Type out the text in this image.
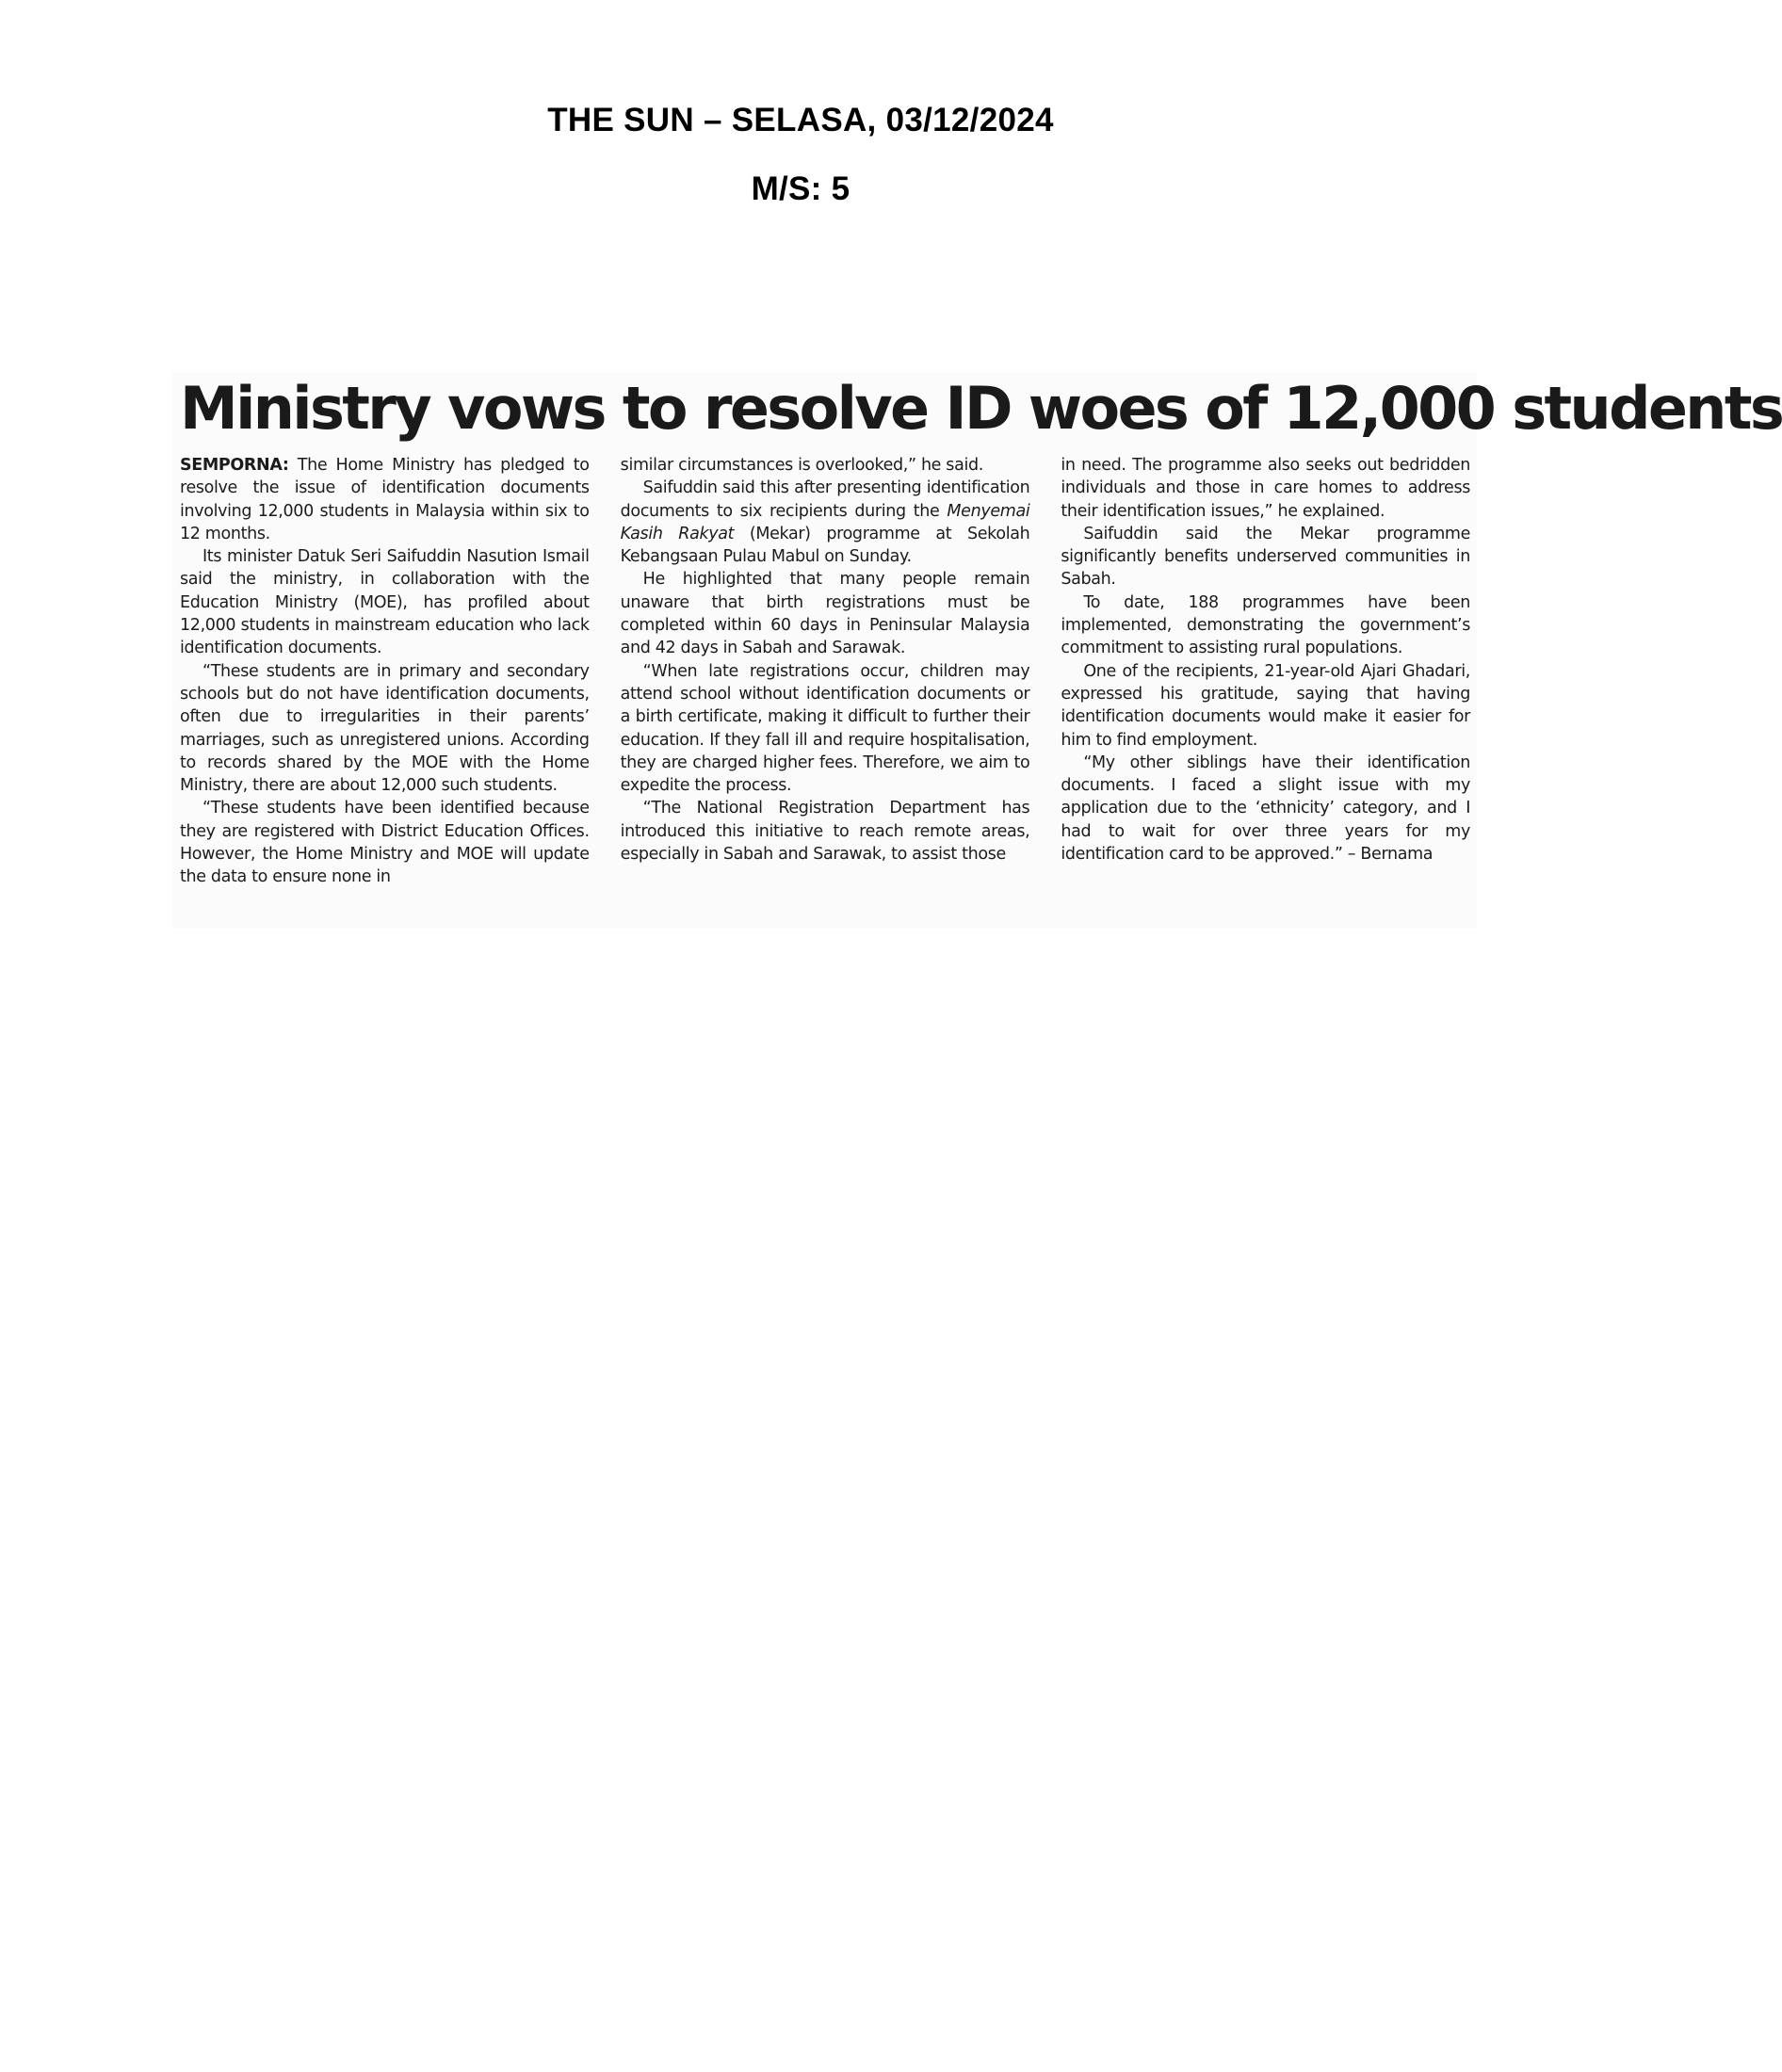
THE SUN – SELASA, 03/12/2024
M/S: 5
Ministry vows to resolve ID woes of 12,000 students

SEMPORNA: The Home Ministry has pledged to resolve the issue of identification documents involving 12,000 students in Malaysia within six to 12 months.

Its minister Datuk Seri Saifuddin Nasution Ismail said the ministry, in collaboration with the Education Ministry (MOE), has profiled about 12,000 students in mainstream education who lack identification documents.

“These students are in primary and secondary schools but do not have identification documents, often due to irregularities in their parents’ marriages, such as unregistered unions. According to records shared by the MOE with the Home Ministry, there are about 12,000 such students.

“These students have been identified because they are registered with District Education Offices. However, the Home Ministry and MOE will update the data to ensure none in

similar circumstances is overlooked,” he said.

Saifuddin said this after presenting identification documents to six recipients during the Menyemai Kasih Rakyat (Mekar) programme at Sekolah Kebangsaan Pulau Mabul on Sunday.

He highlighted that many people remain unaware that birth registrations must be completed within 60 days in Peninsular Malaysia and 42 days in Sabah and Sarawak.

“When late registrations occur, children may attend school without identification documents or a birth certificate, making it difficult to further their education. If they fall ill and require hospitalisation, they are charged higher fees. Therefore, we aim to expedite the process.

“The National Registration Department has introduced this initiative to reach remote areas, especially in Sabah and Sarawak, to assist those

in need. The programme also seeks out bedridden individuals and those in care homes to address their identification issues,” he explained.

Saifuddin said the Mekar programme significantly benefits underserved communities in Sabah.

To date, 188 programmes have been implemented, demonstrating the government’s commitment to assisting rural populations.

One of the recipients, 21-year-old Ajari Ghadari, expressed his gratitude, saying that having identification documents would make it easier for him to find employment.

“My other siblings have their identification documents. I faced a slight issue with my application due to the ‘ethnicity’ category, and I had to wait for over three years for my identification card to be approved.” – Bernama
